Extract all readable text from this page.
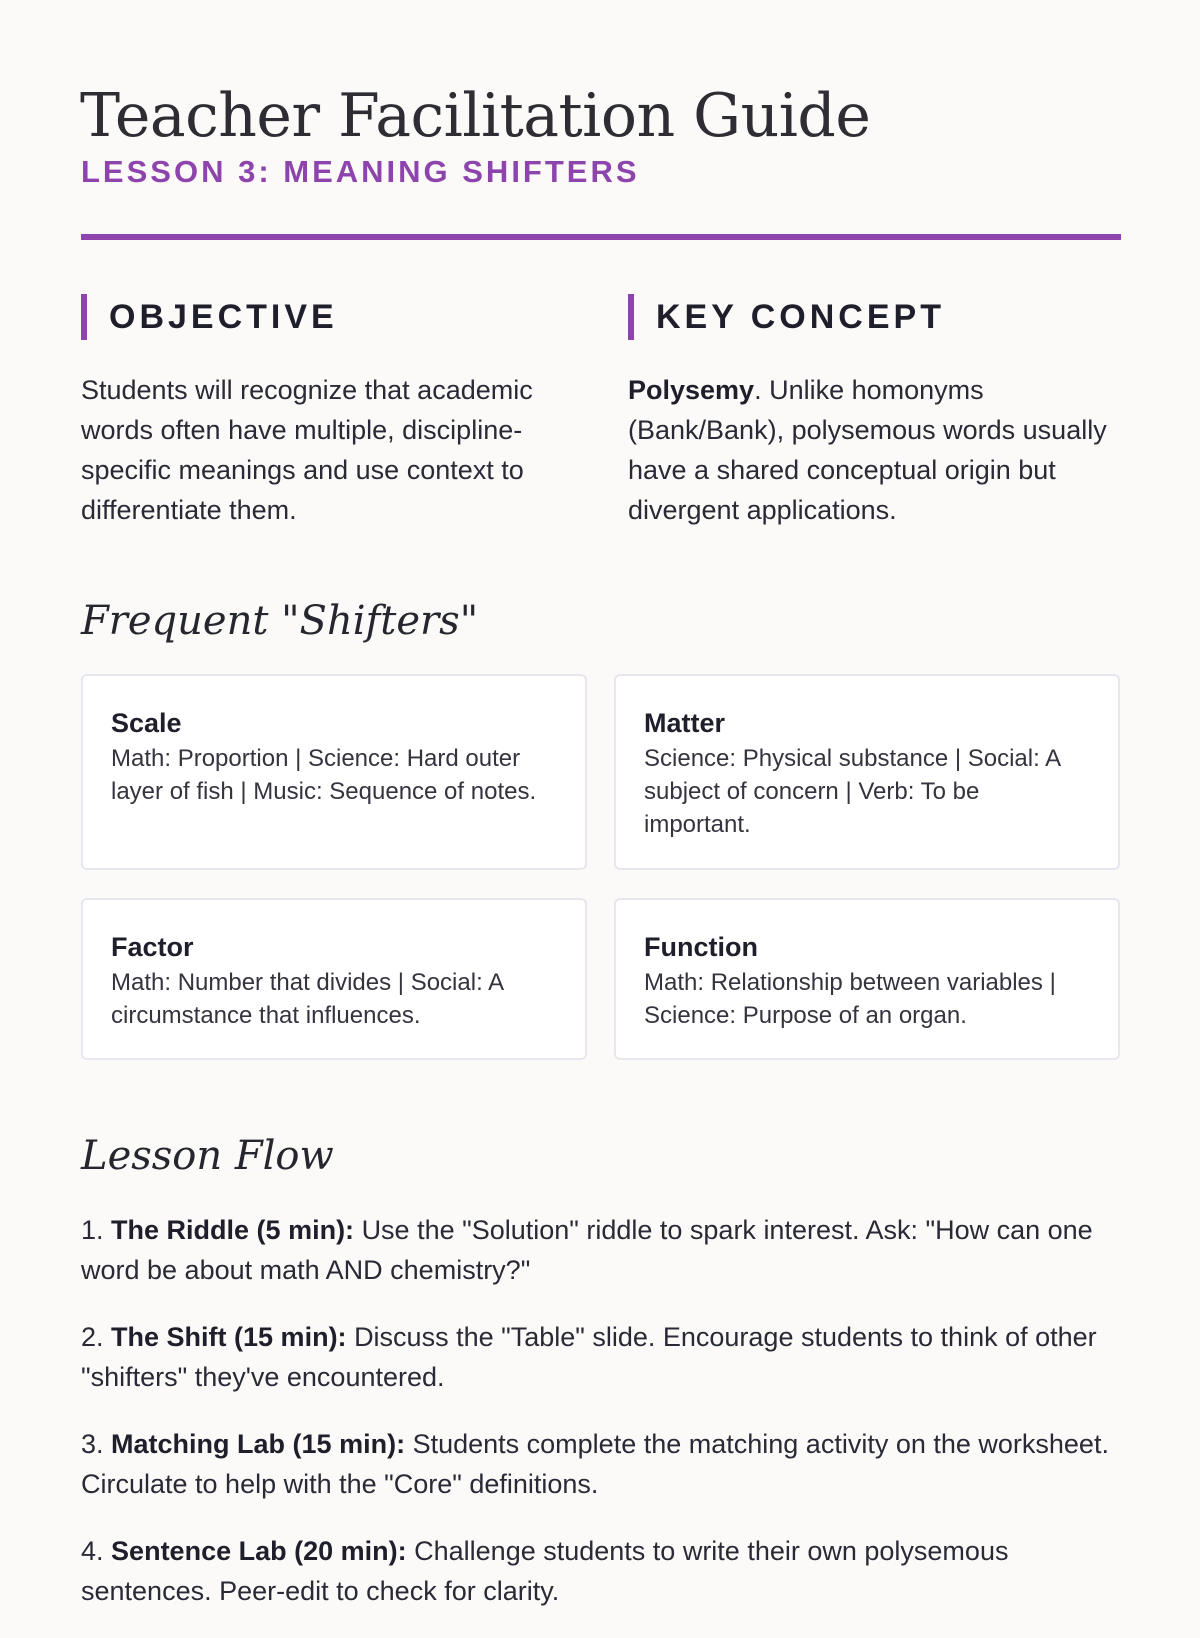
Teacher Facilitation Guide
LESSON 3: MEANING SHIFTERS
OBJECTIVE
Students will recognize that academic words often have multiple, discipline-specific meanings and use context to differentiate them.
KEY CONCEPT
Polysemy. Unlike homonyms (Bank/Bank), polysemous words usually have a shared conceptual origin but divergent applications.
Frequent "Shifters"
Scale
Math: Proportion | Science: Hard outer layer of fish | Music: Sequence of notes.
Matter
Science: Physical substance | Social: A subject of concern | Verb: To be important.
Factor
Math: Number that divides | Social: A circumstance that influences.
Function
Math: Relationship between variables | Science: Purpose of an organ.
Lesson Flow
1. The Riddle (5 min): Use the "Solution" riddle to spark interest. Ask: "How can one word be about math AND chemistry?"
2. The Shift (15 min): Discuss the "Table" slide. Encourage students to think of other "shifters" they've encountered.
3. Matching Lab (15 min): Students complete the matching activity on the worksheet. Circulate to help with the "Core" definitions.
4. Sentence Lab (20 min): Challenge students to write their own polysemous sentences. Peer-edit to check for clarity.
